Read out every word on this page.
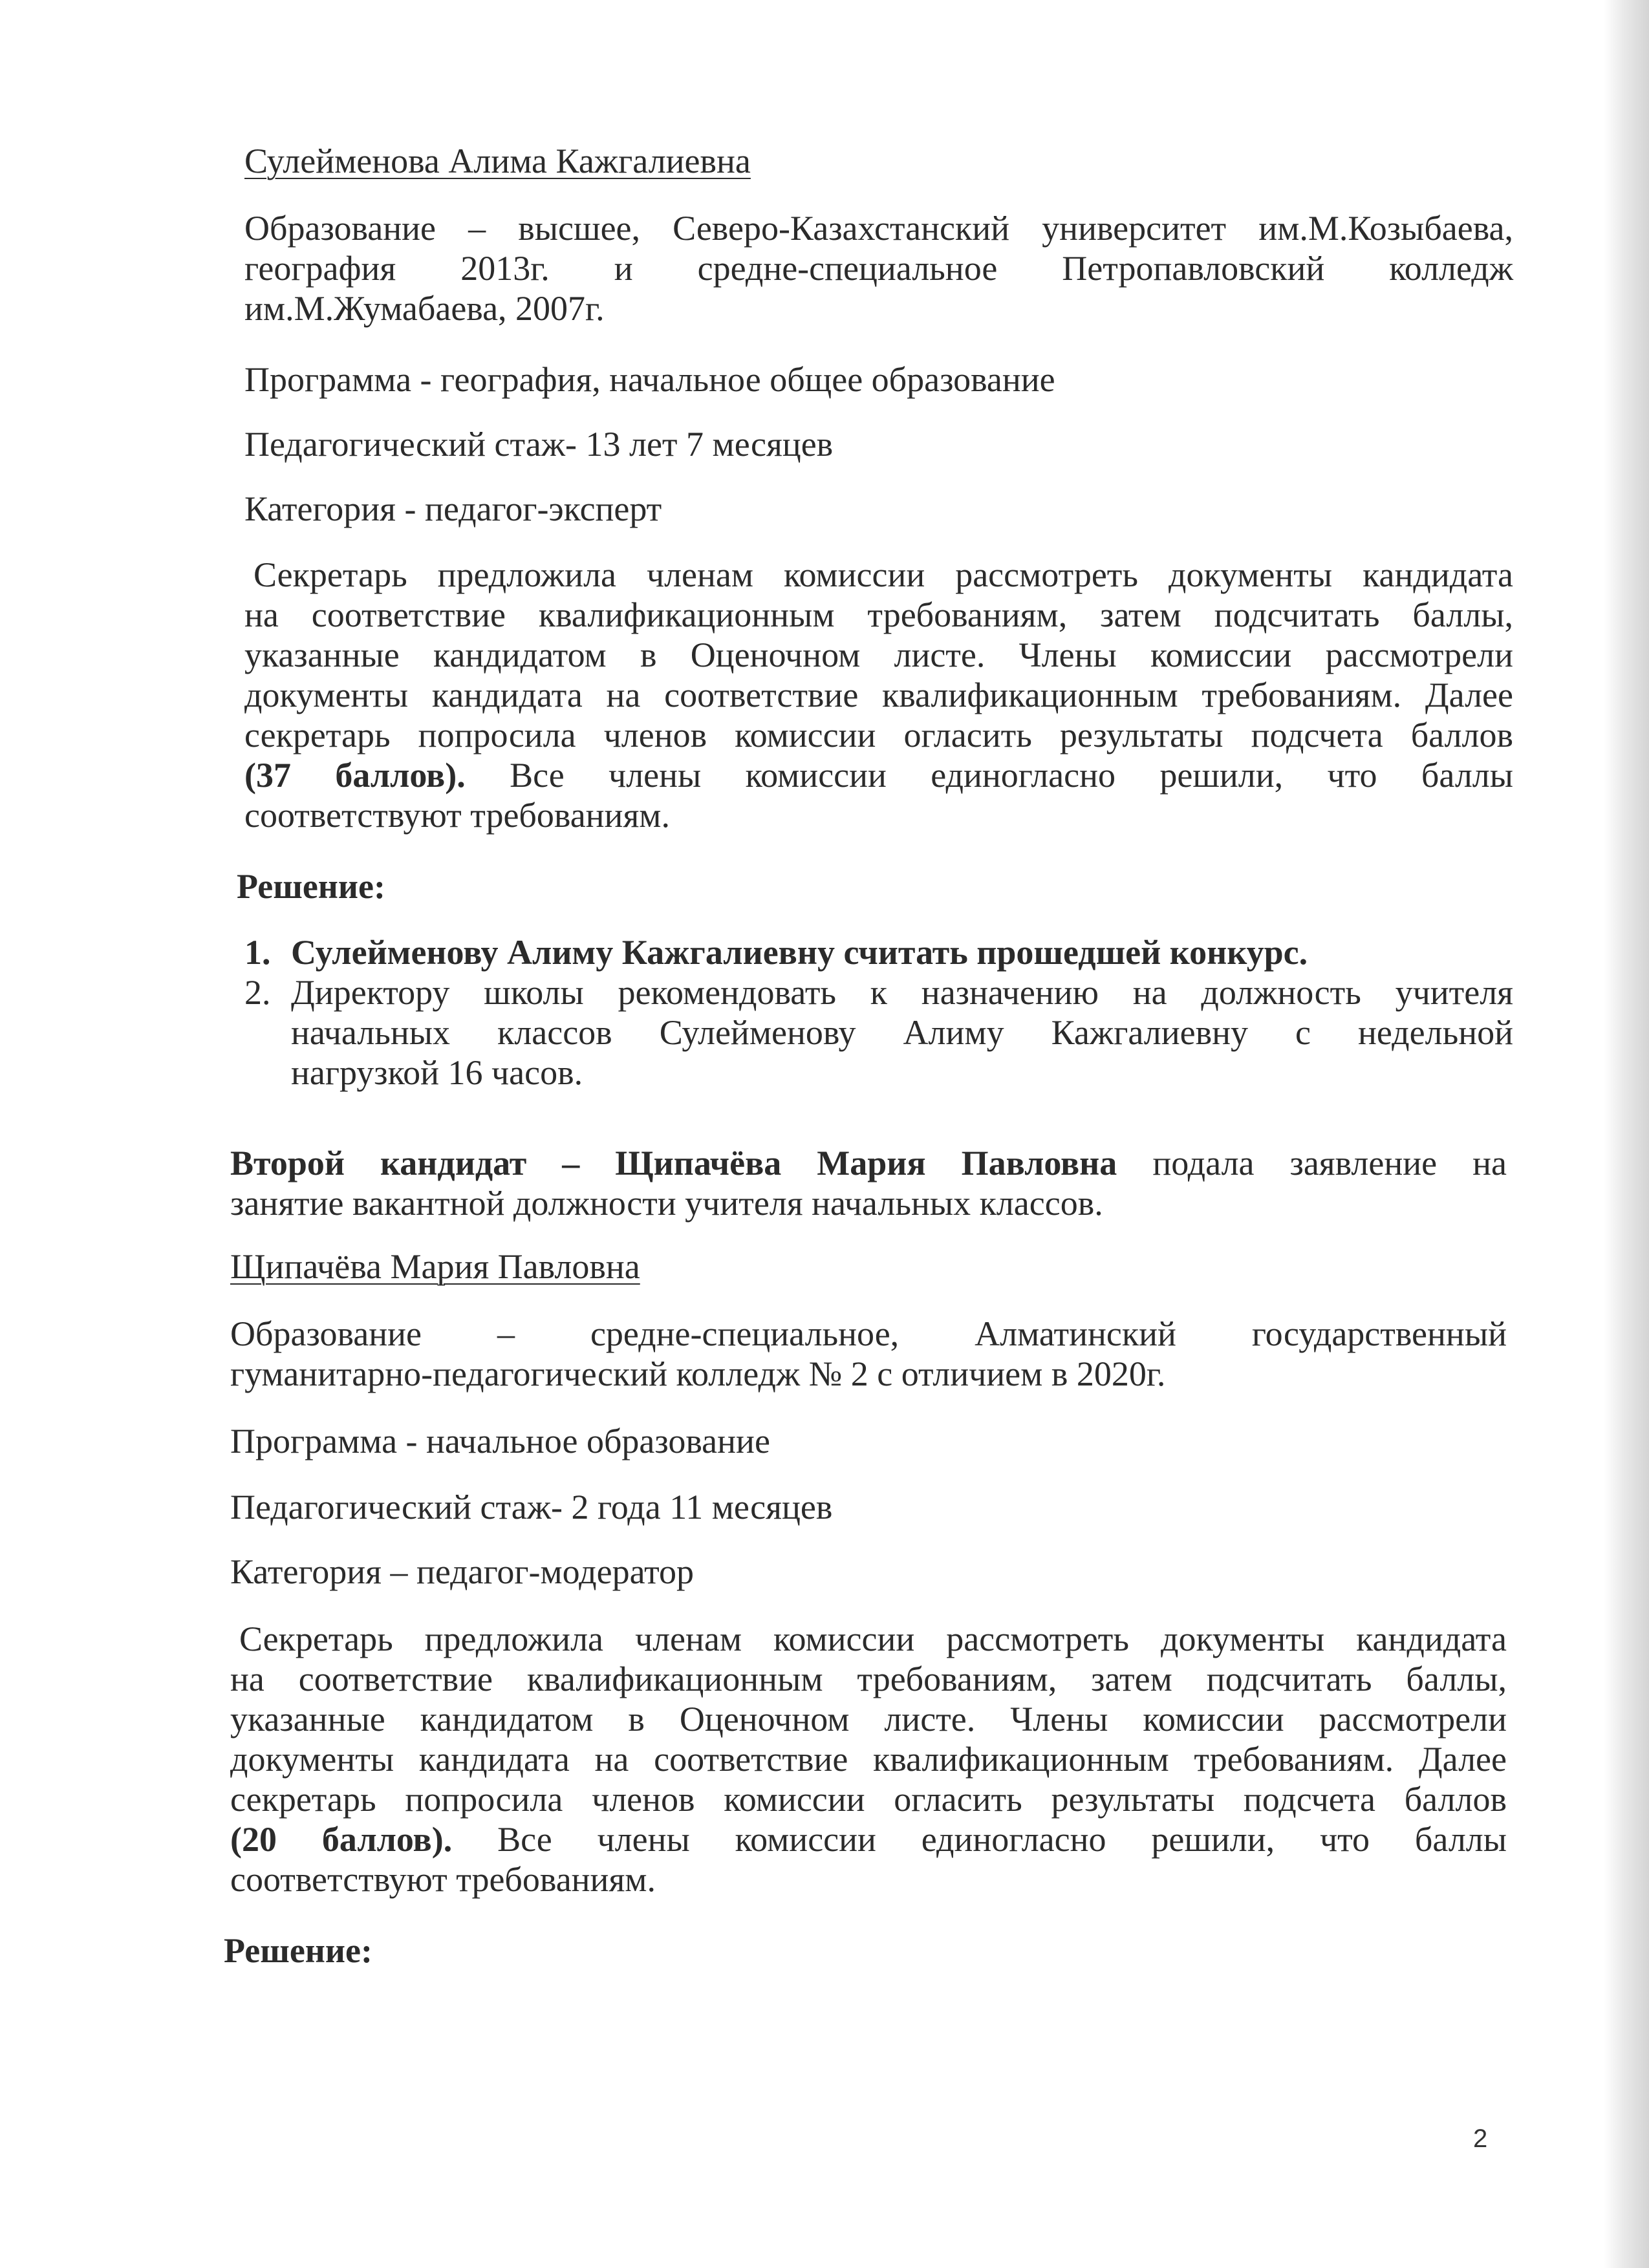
Сулейменова Алима Кажгалиевна
Образование – высшее, Северо-Казахстанский университет им.М.Козыбаева,
география 2013г. и средне-специальное Петропавловский колледж
им.М.Жумабаева, 2007г.
Программа - география, начальное общее образование
Педагогический стаж- 13 лет 7 месяцев
Категория - педагог-эксперт
Секретарь предложила членам комиссии рассмотреть документы кандидата
на соответствие квалификационным требованиям, затем подсчитать баллы,
указанные кандидатом в Оценочном листе. Члены комиссии рассмотрели
документы кандидата на соответствие квалификационным требованиям. Далее
секретарь попросила членов комиссии огласить результаты подсчета баллов
(37 баллов). Все члены комиссии единогласно решили, что баллы
соответствуют требованиям.
Решение:
1. Сулейменову Алиму Кажгалиевну считать прошедшей конкурс.
2. Директору школы рекомендовать к назначению на должность учителя
начальных классов Сулейменову Алиму Кажгалиевну с недельной
нагрузкой 16 часов.
Второй кандидат – Щипачёва Мария Павловна подала заявление на
занятие вакантной должности учителя начальных классов.
Щипачёва Мария Павловна
Образование – средне-специальное, Алматинский государственный
гуманитарно-педагогический колледж № 2 с отличием в 2020г.
Программа - начальное образование
Педагогический стаж- 2 года 11 месяцев
Категория – педагог-модератор
Секретарь предложила членам комиссии рассмотреть документы кандидата
на соответствие квалификационным требованиям, затем подсчитать баллы,
указанные кандидатом в Оценочном листе. Члены комиссии рассмотрели
документы кандидата на соответствие квалификационным требованиям. Далее
секретарь попросила членов комиссии огласить результаты подсчета баллов
(20 баллов). Все члены комиссии единогласно решили, что баллы
соответствуют требованиям.
Решение:
2
